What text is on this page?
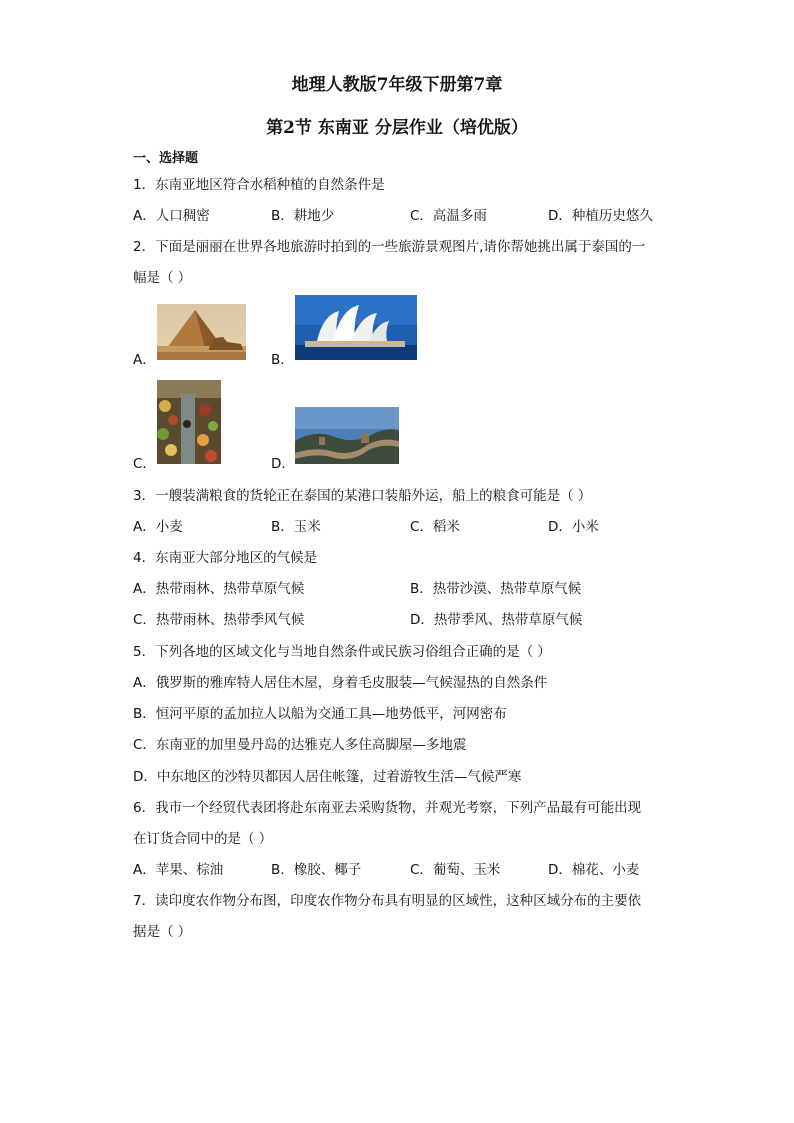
地理人教版7年级下册第7章
第2节 东南亚 分层作业（培优版）
一、选择题
1．东南亚地区符合水稻种植的自然条件是
A．人口稠密	B．耕地少	C．高温多雨	D．种植历史悠久
2．下面是丽丽在世界各地旅游时拍到的一些旅游景观图片,请你帮她挑出属于泰国的一
幅是（ ）
A．	B．
C．	D．
3．一艘装满粮食的货轮正在泰国的某港口装船外运，船上的粮食可能是（ ）
A．小麦	B．玉米	C．稻米	D．小米
4．东南亚大部分地区的气候是
A．热带雨林、热带草原气候	B．热带沙漠、热带草原气候
C．热带雨林、热带季风气候	D．热带季风、热带草原气候
5．下列各地的区域文化与当地自然条件或民族习俗组合正确的是（ ）
A．俄罗斯的雅库特人居住木屋，身着毛皮服装—气候湿热的自然条件
B．恒河平原的孟加拉人以船为交通工具—地势低平，河网密布
C．东南亚的加里曼丹岛的达雅克人多住高脚屋—多地震
D．中东地区的沙特贝都因人居住帐篷，过着游牧生活—气候严寒
6．我市一个经贸代表团将赴东南亚去采购货物，并观光考察，下列产品最有可能出现
在订货合同中的是（ ）
A．苹果、棕油	B．橡胶、椰子	C．葡萄、玉米	D．棉花、小麦
7．读印度农作物分布图，印度农作物分布具有明显的区域性，这种区域分布的主要依
据是（ ）
